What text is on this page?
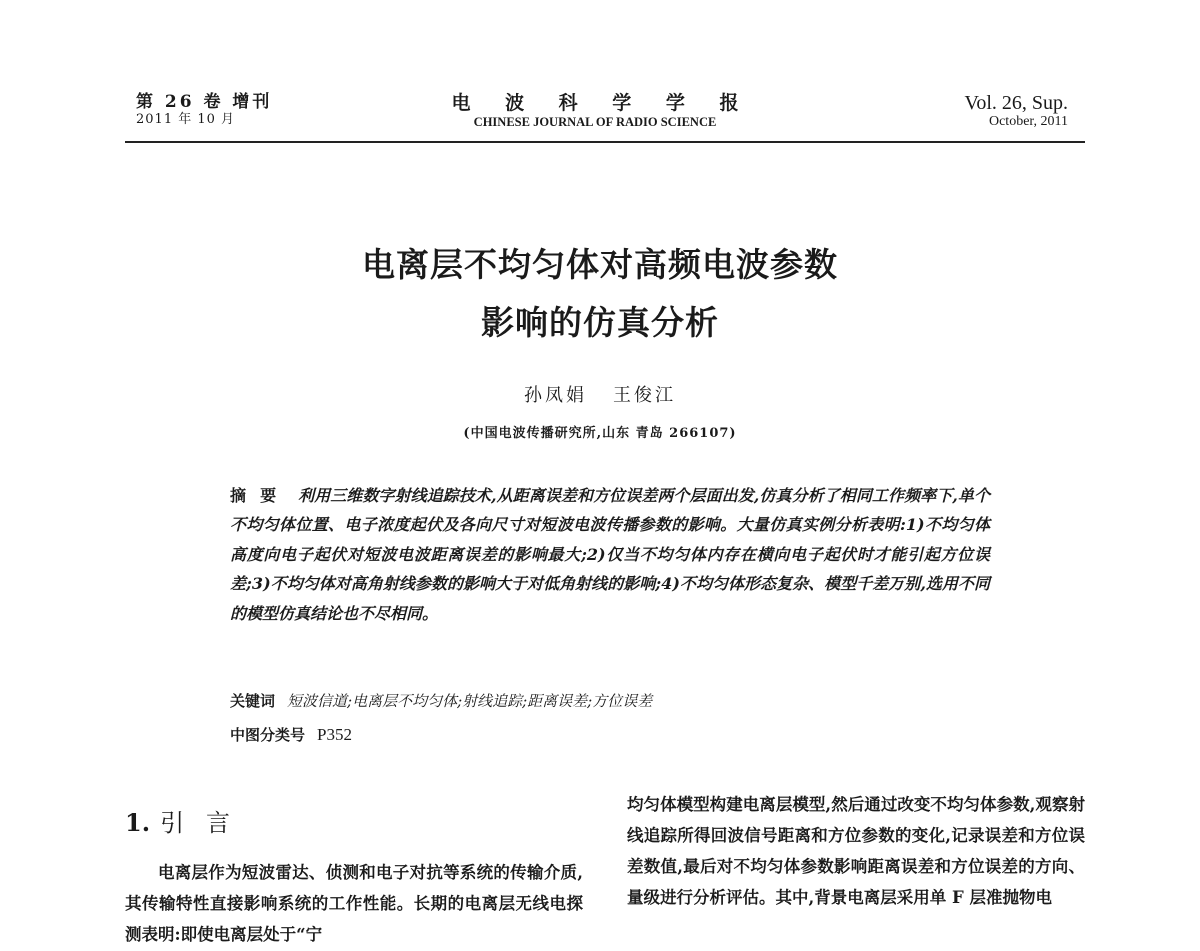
第 26 卷 增刊
2011 年 10 月
电 波 科 学 学 报
CHINESE JOURNAL OF RADIO SCIENCE
Vol. 26, Sup.
October, 2011
电离层不均匀体对高频电波参数
影响的仿真分析
孙凤娟 王俊江
(中国电波传播研究所,山东 青岛 266107)
摘要 利用三维数字射线追踪技术,从距离误差和方位误差两个层面出发,仿真分析了相同工作频率下,单个不均匀体位置、电子浓度起伏及各向尺寸对短波电波传播参数的影响。大量仿真实例分析表明:1)不均匀体高度向电子起伏对短波电波距离误差的影响最大;2)仅当不均匀体内存在横向电子起伏时才能引起方位误差;3)不均匀体对高角射线参数的影响大于对低角射线的影响;4)不均匀体形态复杂、模型千差万别,选用不同的模型仿真结论也不尽相同。
关键词 短波信道;电离层不均匀体;射线追踪;距离误差;方位误差
中图分类号 P352
1. 引言
电离层作为短波雷达、侦测和电子对抗等系统的传输介质,其传输特性直接影响系统的工作性能。长期的电离层无线电探测表明:即使电离层处于“宁
均匀体模型构建电离层模型,然后通过改变不均匀体参数,观察射线追踪所得回波信号距离和方位参数的变化,记录误差和方位误差数值,最后对不均匀体参数影响距离误差和方位误差的方向、量级进行分析评估。其中,背景电离层采用单 F 层准抛物电
